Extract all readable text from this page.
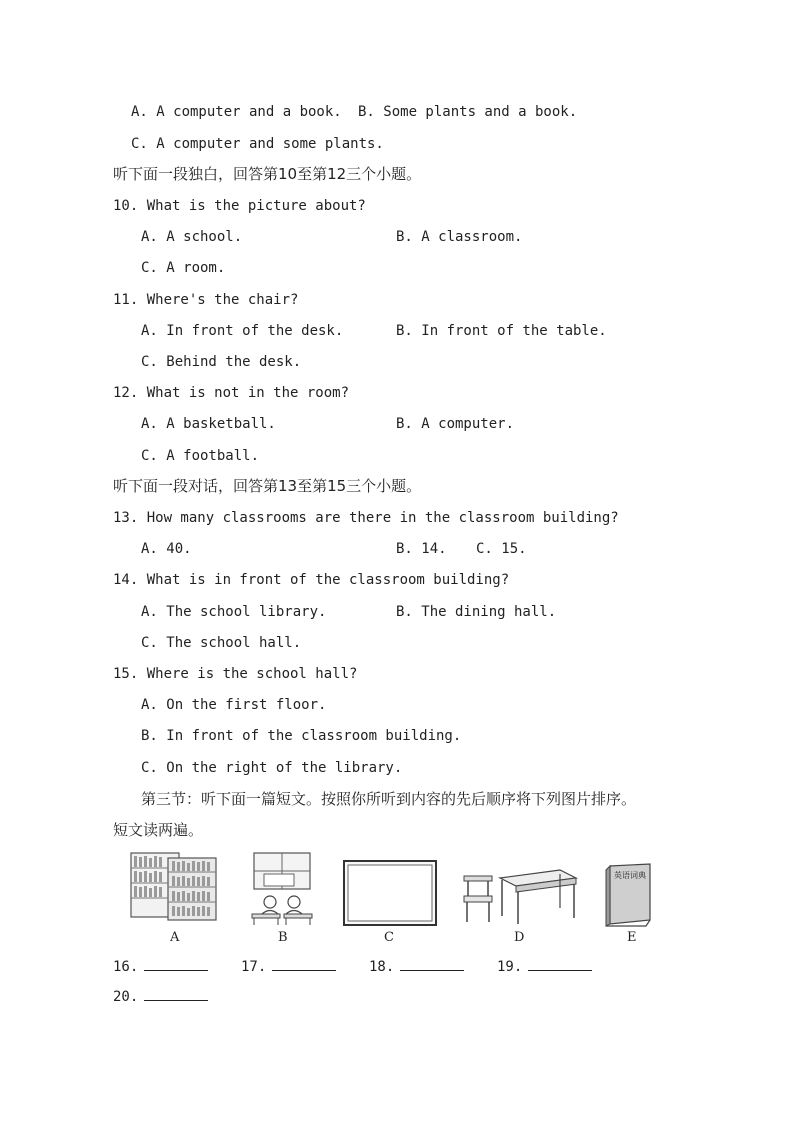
A. A computer and a book. B. Some plants and a book.
C. A computer and some plants.
听下面一段独白，回答第10至第12三个小题。
10. What is the picture about?
A. A school.	B. A classroom.
C. A room.
11. Where's the chair?
A. In front of the desk.	B. In front of the table.
C. Behind the desk.
12. What is not in the room?
A. A basketball.	B. A computer.
C. A football.
听下面一段对话，回答第13至第15三个小题。
13. How many classrooms are there in the classroom building?
A. 40.	B. 14. C. 15.
14. What is in front of the classroom building?
A. The school library.	B. The dining hall.
C. The school hall.
15. Where is the school hall?
A. On the first floor.
B. In front of the classroom building.
C. On the right of the library.
第三节：听下面一篇短文。按照你所听到内容的先后顺序将下列图片排序。
短文读两遍。
A	B	C	D
英语词典
E
16.	17.	18.	19.
20.
